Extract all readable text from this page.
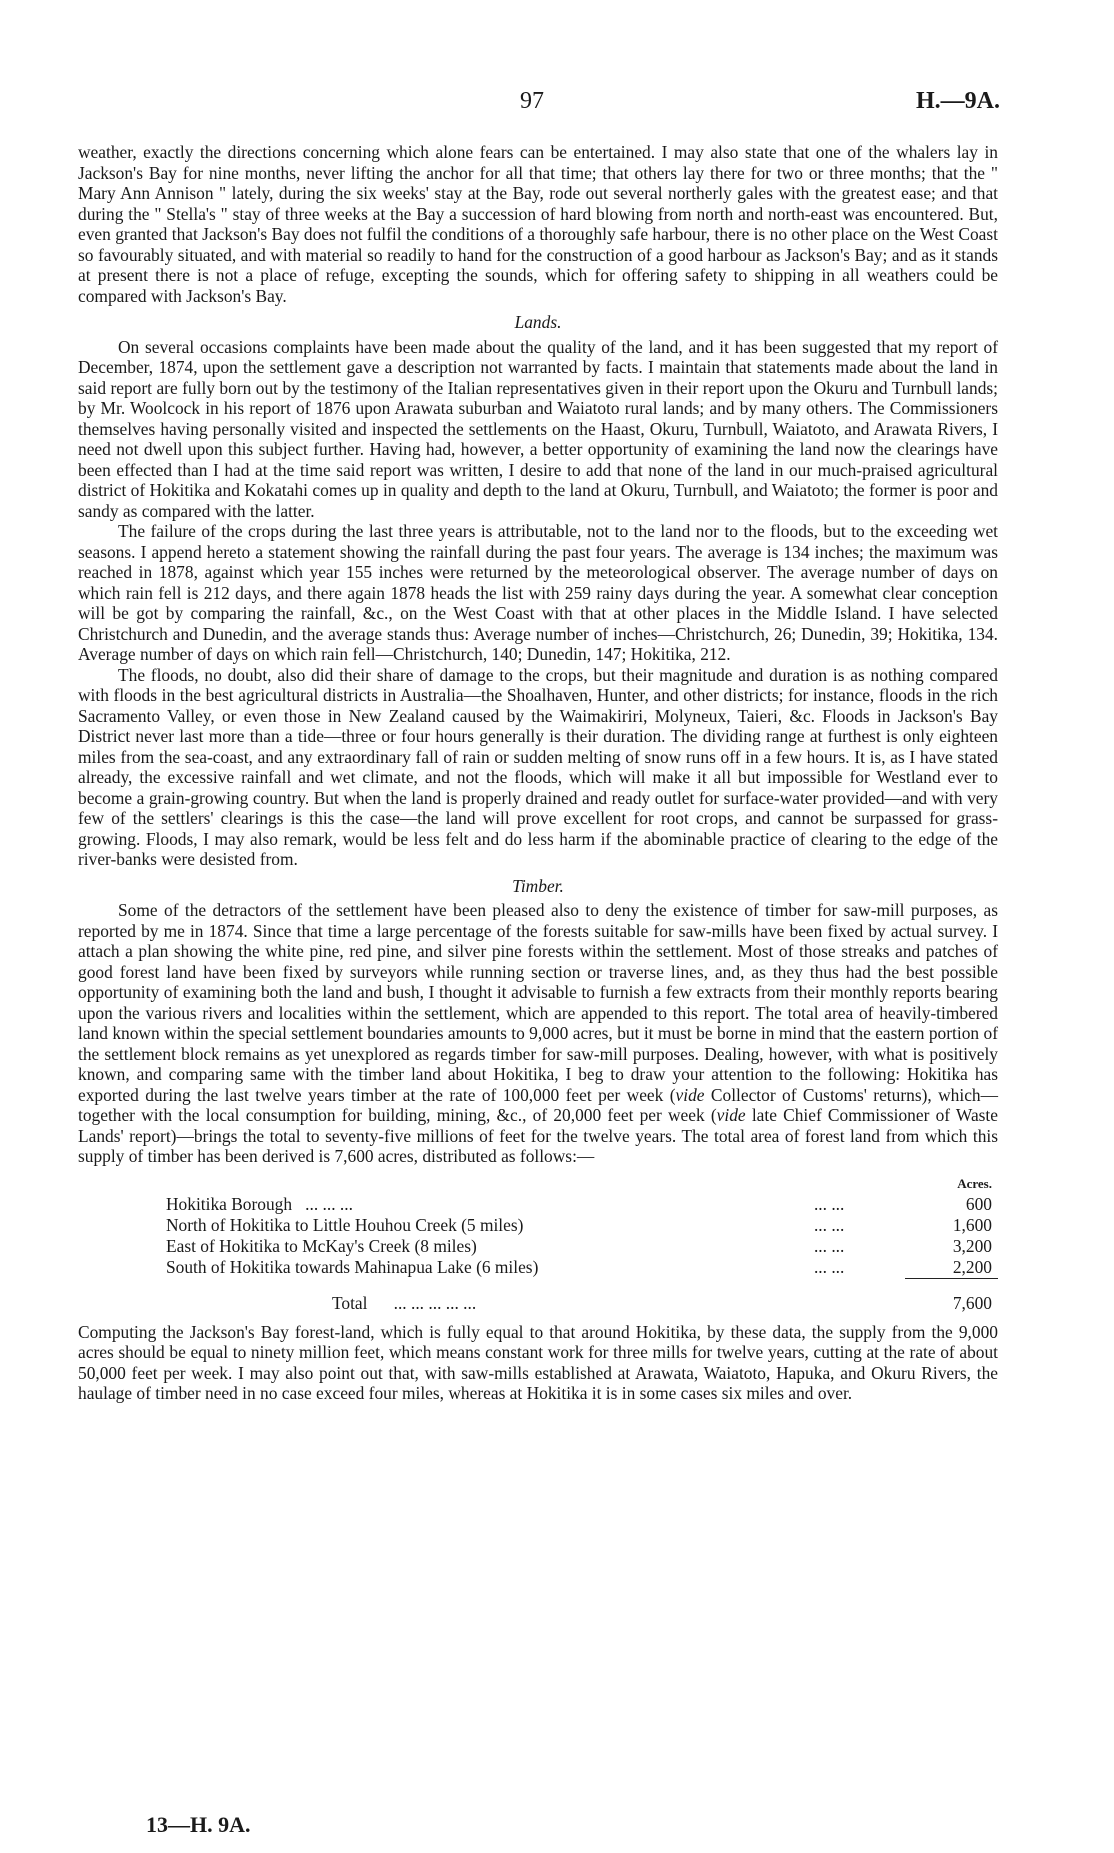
97	H.—9A.

weather, exactly the directions concerning which alone fears can be entertained. I may also state that one of the whalers lay in Jackson's Bay for nine months, never lifting the anchor for all that time; that others lay there for two or three months; that the " Mary Ann Annison " lately, during the six weeks' stay at the Bay, rode out several northerly gales with the greatest ease; and that during the " Stella's " stay of three weeks at the Bay a succession of hard blowing from north and north-east was encountered. But, even granted that Jackson's Bay does not fulfil the conditions of a thoroughly safe harbour, there is no other place on the West Coast so favourably situated, and with material so readily to hand for the construction of a good harbour as Jackson's Bay; and as it stands at present there is not a place of refuge, excepting the sounds, which for offering safety to shipping in all weathers could be compared with Jackson's Bay.

Lands.

On several occasions complaints have been made about the quality of the land, and it has been suggested that my report of December, 1874, upon the settlement gave a description not warranted by facts. I maintain that statements made about the land in said report are fully born out by the testimony of the Italian representatives given in their report upon the Okuru and Turnbull lands; by Mr. Woolcock in his report of 1876 upon Arawata suburban and Waiatoto rural lands; and by many others. The Commissioners themselves having personally visited and inspected the settlements on the Haast, Okuru, Turnbull, Waiatoto, and Arawata Rivers, I need not dwell upon this subject further. Having had, however, a better opportunity of examining the land now the clearings have been effected than I had at the time said report was written, I desire to add that none of the land in our much-praised agricultural district of Hokitika and Kokatahi comes up in quality and depth to the land at Okuru, Turnbull, and Waiatoto; the former is poor and sandy as compared with the latter.

The failure of the crops during the last three years is attributable, not to the land nor to the floods, but to the exceeding wet seasons. I append hereto a statement showing the rainfall during the past four years. The average is 134 inches; the maximum was reached in 1878, against which year 155 inches were returned by the meteorological observer. The average number of days on which rain fell is 212 days, and there again 1878 heads the list with 259 rainy days during the year. A somewhat clear conception will be got by comparing the rainfall, &c., on the West Coast with that at other places in the Middle Island. I have selected Christchurch and Dunedin, and the average stands thus: Average number of inches—Christchurch, 26; Dunedin, 39; Hokitika, 134. Average number of days on which rain fell—Christchurch, 140; Dunedin, 147; Hokitika, 212.

The floods, no doubt, also did their share of damage to the crops, but their magnitude and duration is as nothing compared with floods in the best agricultural districts in Australia—the Shoalhaven, Hunter, and other districts; for instance, floods in the rich Sacramento Valley, or even those in New Zealand caused by the Waimakiriri, Molyneux, Taieri, &c. Floods in Jackson's Bay District never last more than a tide—three or four hours generally is their duration. The dividing range at furthest is only eighteen miles from the sea-coast, and any extraordinary fall of rain or sudden melting of snow runs off in a few hours. It is, as I have stated already, the excessive rainfall and wet climate, and not the floods, which will make it all but impossible for Westland ever to become a grain-growing country. But when the land is properly drained and ready outlet for surface-water provided—and with very few of the settlers' clearings is this the case—the land will prove excellent for root crops, and cannot be surpassed for grass-growing. Floods, I may also remark, would be less felt and do less harm if the abominable practice of clearing to the edge of the river-banks were desisted from.

Timber.

Some of the detractors of the settlement have been pleased also to deny the existence of timber for saw-mill purposes, as reported by me in 1874. Since that time a large percentage of the forests suitable for saw-mills have been fixed by actual survey. I attach a plan showing the white pine, red pine, and silver pine forests within the settlement. Most of those streaks and patches of good forest land have been fixed by surveyors while running section or traverse lines, and, as they thus had the best possible opportunity of examining both the land and bush, I thought it advisable to furnish a few extracts from their monthly reports bearing upon the various rivers and localities within the settlement, which are appended to this report. The total area of heavily-timbered land known within the special settlement boundaries amounts to 9,000 acres, but it must be borne in mind that the eastern portion of the settlement block remains as yet unexplored as regards timber for saw-mill purposes. Dealing, however, with what is positively known, and comparing same with the timber land about Hokitika, I beg to draw your attention to the following: Hokitika has exported during the last twelve years timber at the rate of 100,000 feet per week (vide Collector of Customs' returns), which—together with the local consumption for building, mining, &c., of 20,000 feet per week (vide late Chief Commissioner of Waste Lands' report)—brings the total to seventy-five millions of feet for the twelve years. The total area of forest land from which this supply of timber has been derived is 7,600 acres, distributed as follows:—

		Acres.
Hokitika Borough ... ... ...	... ...	600
North of Hokitika to Little Houhou Creek (5 miles)	... ...	1,600
East of Hokitika to McKay's Creek (8 miles)	... ...	3,200
South of Hokitika towards Mahinapua Lake (6 miles)	... ...	2,200
Total ... ... ... ... ...		7,600

Computing the Jackson's Bay forest-land, which is fully equal to that around Hokitika, by these data, the supply from the 9,000 acres should be equal to ninety million feet, which means constant work for three mills for twelve years, cutting at the rate of about 50,000 feet per week. I may also point out that, with saw-mills established at Arawata, Waiatoto, Hapuka, and Okuru Rivers, the haulage of timber need in no case exceed four miles, whereas at Hokitika it is in some cases six miles and over.

13—H. 9A.
